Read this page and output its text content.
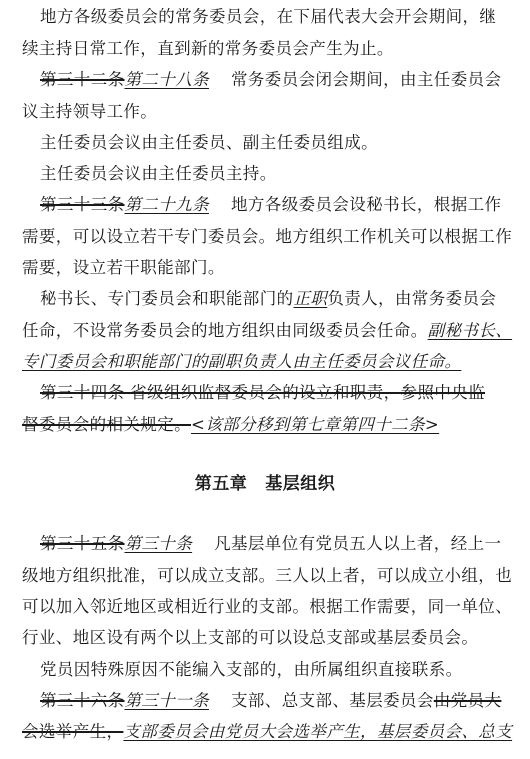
地方各级委员会的常务委员会，在下届代表大会开会期间，继
续主持日常工作，直到新的常务委员会产生为止。
第三十二条第二十八条 常务委员会闭会期间，由主任委员会
议主持领导工作。
主任委员会议由主任委员、副主任委员组成。
主任委员会议由主任委员主持。
第三十三条第二十九条 地方各级委员会设秘书长，根据工作
需要，可以设立若干专门委员会。地方组织工作机关可以根据工作
需要，设立若干职能部门。
秘书长、专门委员会和职能部门的正职负责人，由常务委员会
任命，不设常务委员会的地方组织由同级委员会任命。副秘书长、
专门委员会和职能部门的副职负责人由主任委员会议任命。
第三十四条 省级组织监督委员会的设立和职责，参照中央监
督委员会的相关规定。<该部分移到第七章第四十二条>
第五章 基层组织
第三十五条第三十条 凡基层单位有党员五人以上者，经上一
级地方组织批准，可以成立支部。三人以上者，可以成立小组，也
可以加入邻近地区或相近行业的支部。根据工作需要，同一单位、
行业、地区设有两个以上支部的可以设总支部或基层委员会。
党员因特殊原因不能编入支部的，由所属组织直接联系。
第三十六条第三十一条 支部、总支部、基层委员会由党员大
会选举产生，支部委员会由党员大会选举产生，基层委员会、总支
